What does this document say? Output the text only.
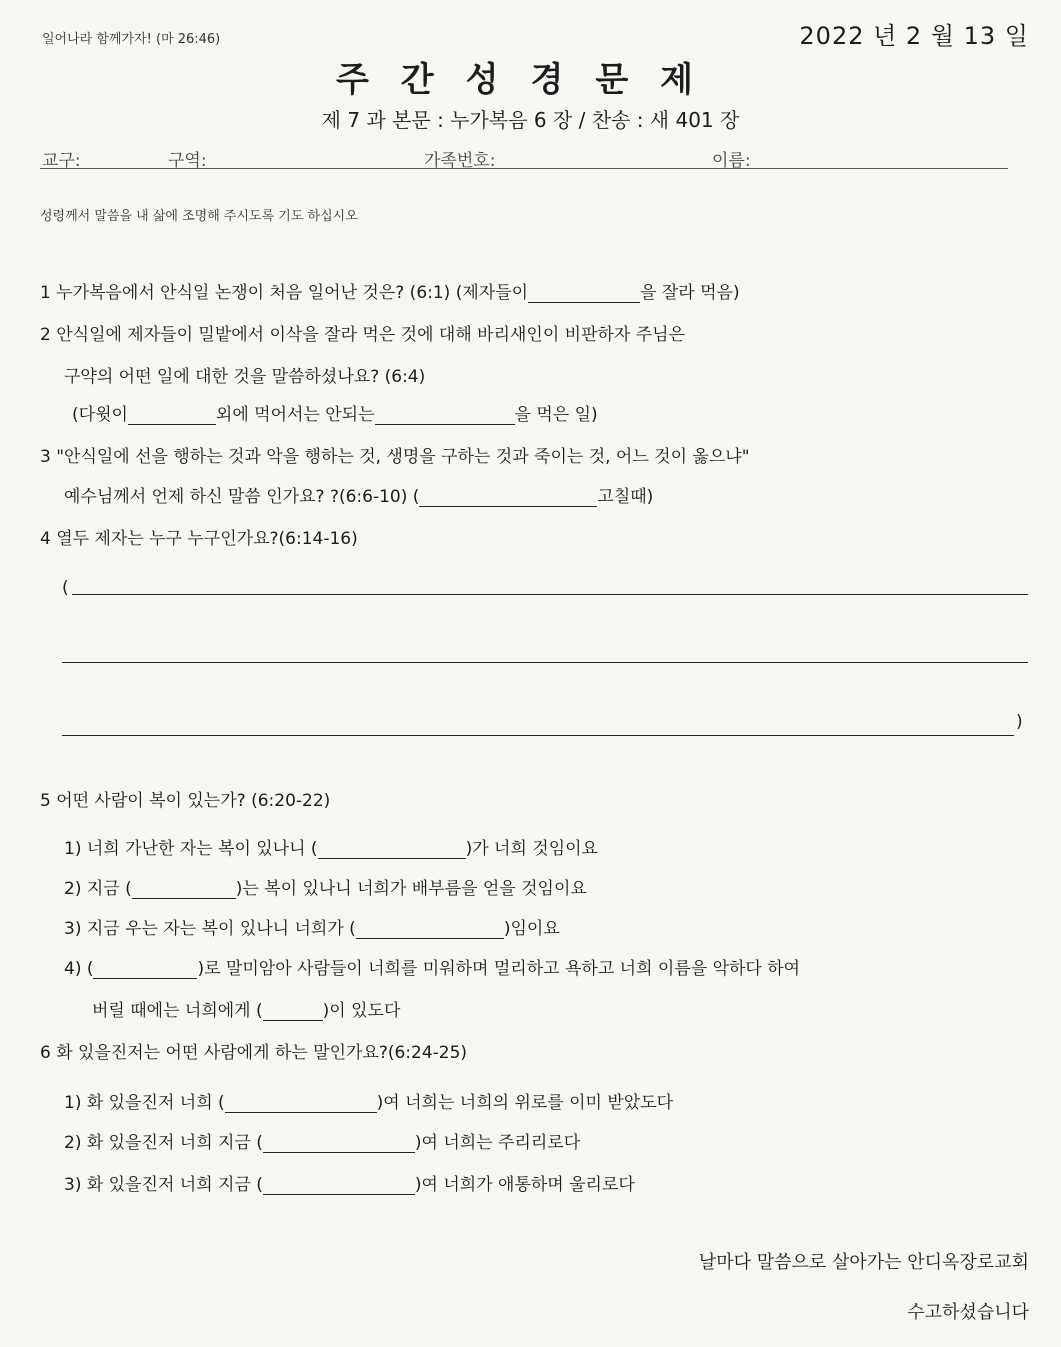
일어나라 함께가자! (마 26:46)	2022 년 2 월 13 일
주간성경문제
제 7 과 본문 : 누가복음 6 장 / 찬송 : 새 401 장
교구:	구역:	가족번호:	이름:
성령께서 말씀을 내 삶에 조명해 주시도록 기도 하십시오
1 누가복음에서 안식일 논쟁이 처음 일어난 것은? (6:1) (제자들이	을 잘라 먹음)
2 안식일에 제자들이 밀밭에서 이삭을 잘라 먹은 것에 대해 바리새인이 비판하자 주님은
구약의 어떤 일에 대한 것을 말씀하셨나요? (6:4)
(다윗이	외에 먹어서는 안되는	을 먹은 일)
3 "안식일에 선을 행하는 것과 악을 행하는 것, 생명을 구하는 것과 죽이는 것, 어느 것이 옳으냐"
예수님께서 언제 하신 말씀 인가요? ?(6:6-10) (	고칠때)
4 열두 제자는 누구 누구인가요?(6:14-16)
(
)
5 어떤 사람이 복이 있는가? (6:20-22)
1) 너희 가난한 자는 복이 있나니 (	)가 너희 것임이요
2) 지금 (	)는 복이 있나니 너희가 배부름을 얻을 것임이요
3) 지금 우는 자는 복이 있나니 너희가 (	)임이요
4) (	)로 말미암아 사람들이 너희를 미워하며 멀리하고 욕하고 너희 이름을 악하다 하여
버릴 때에는 너희에게 (	)이 있도다
6 화 있을진저는 어떤 사람에게 하는 말인가요?(6:24-25)
1) 화 있을진저 너희 (	)여 너희는 너희의 위로를 이미 받았도다
2) 화 있을진저 너희 지금 (	)여 너희는 주리리로다
3) 화 있을진저 너희 지금 (	)여 너희가 애통하며 울리로다
날마다 말씀으로 살아가는 안디옥장로교회
수고하셨습니다
